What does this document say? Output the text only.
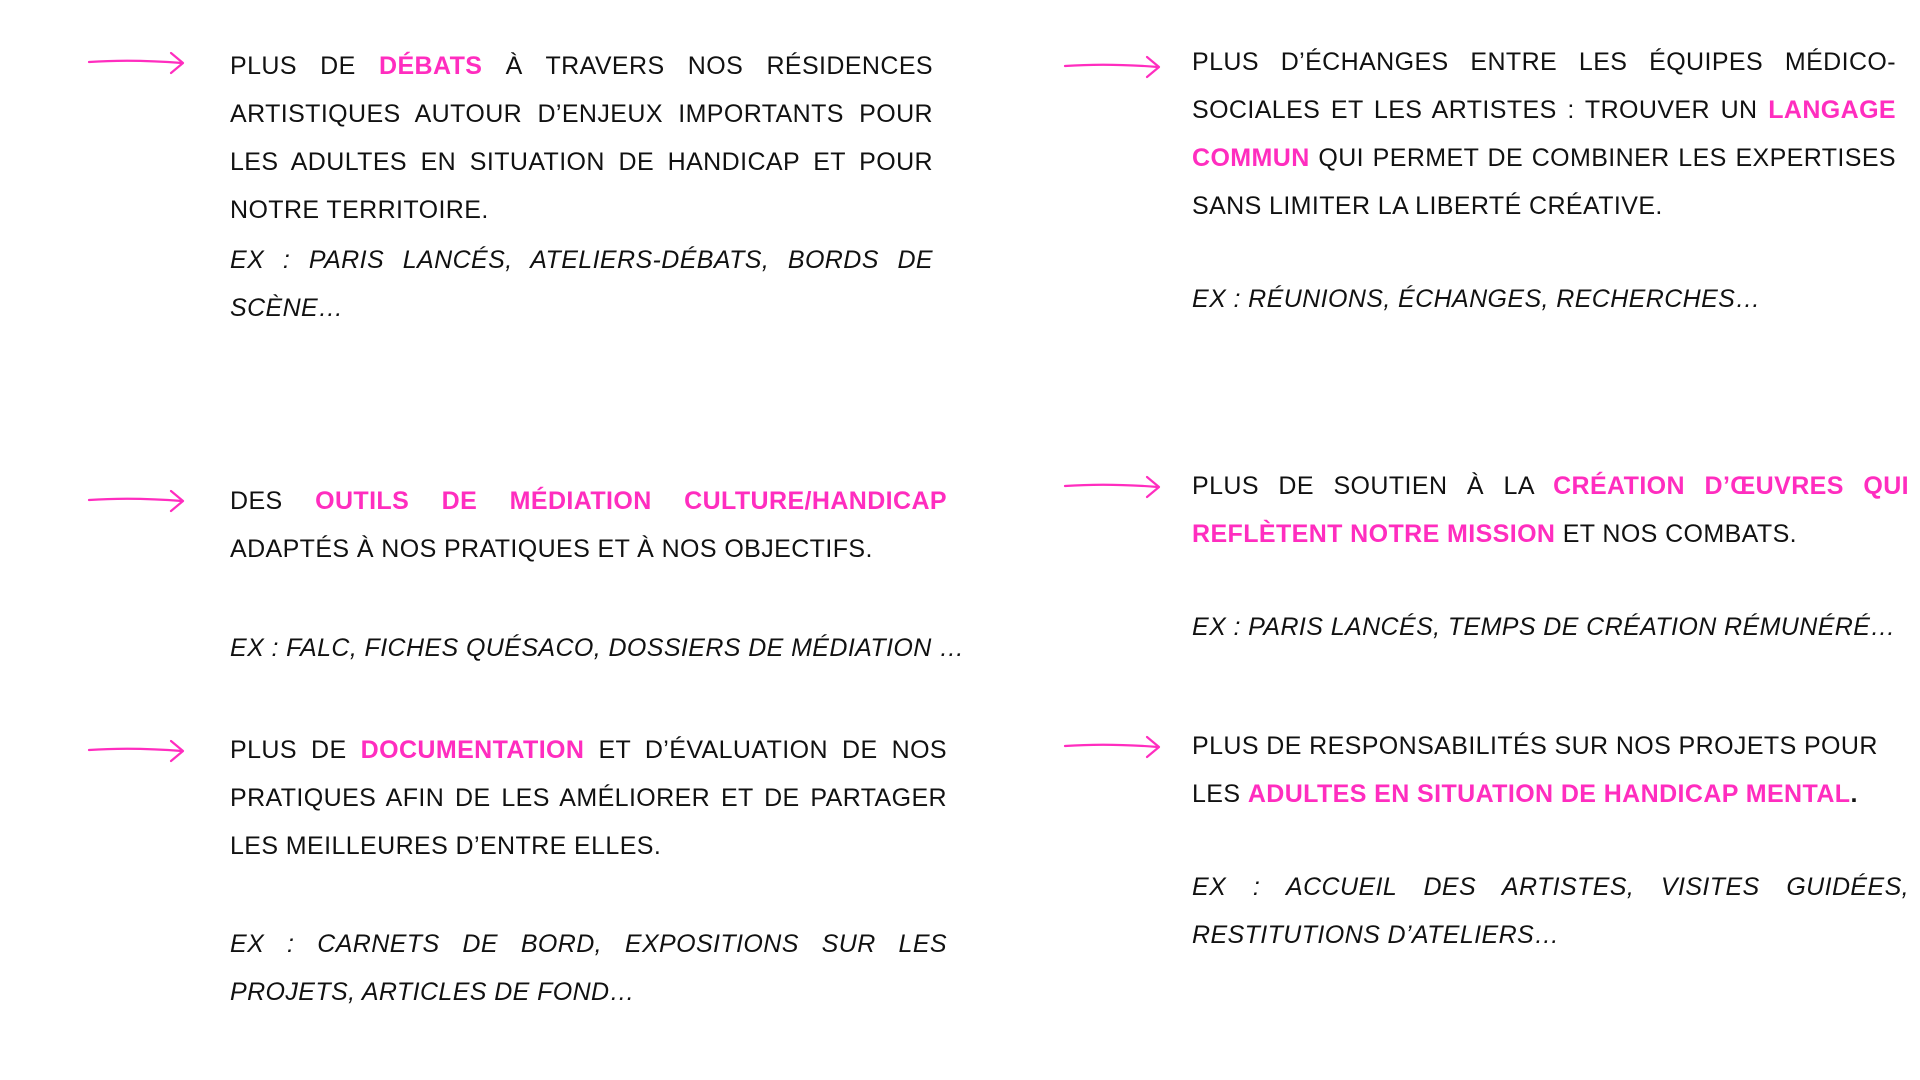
PLUS DE DÉBATS À TRAVERS NOS RÉSIDENCES ARTISTIQUES AUTOUR D’ENJEUX IMPORTANTS POUR LES ADULTES EN SITUATION DE HANDICAP ET POUR NOTRE TERRITOIRE.
EX : PARIS LANCÉS, ATELIERS-DÉBATS, BORDS DE SCÈNE…
DES OUTILS DE MÉDIATION CULTURE/HANDICAP ADAPTÉS À NOS PRATIQUES ET À NOS OBJECTIFS.
EX : FALC, FICHES QUÉSACO, DOSSIERS DE MÉDIATION …
PLUS DE DOCUMENTATION ET D’ÉVALUATION DE NOS PRATIQUES AFIN DE LES AMÉLIORER ET DE PARTAGER LES MEILLEURES D’ENTRE ELLES.
EX : CARNETS DE BORD, EXPOSITIONS SUR LES PROJETS, ARTICLES DE FOND…
PLUS D’ÉCHANGES ENTRE LES ÉQUIPES MÉDICO-SOCIALES ET LES ARTISTES : TROUVER UN LANGAGE COMMUN QUI PERMET DE COMBINER LES EXPERTISES SANS LIMITER LA LIBERTÉ CRÉATIVE.
EX : RÉUNIONS, ÉCHANGES, RECHERCHES…
PLUS DE SOUTIEN À LA CRÉATION D’ŒUVRES QUI REFLÈTENT NOTRE MISSION ET NOS COMBATS.
EX : PARIS LANCÉS, TEMPS DE CRÉATION RÉMUNÉRÉ…
PLUS DE RESPONSABILITÉS SUR NOS PROJETS POUR LES ADULTES EN SITUATION DE HANDICAP MENTAL.
EX : ACCUEIL DES ARTISTES, VISITES GUIDÉES, RESTITUTIONS D’ATELIERS…
